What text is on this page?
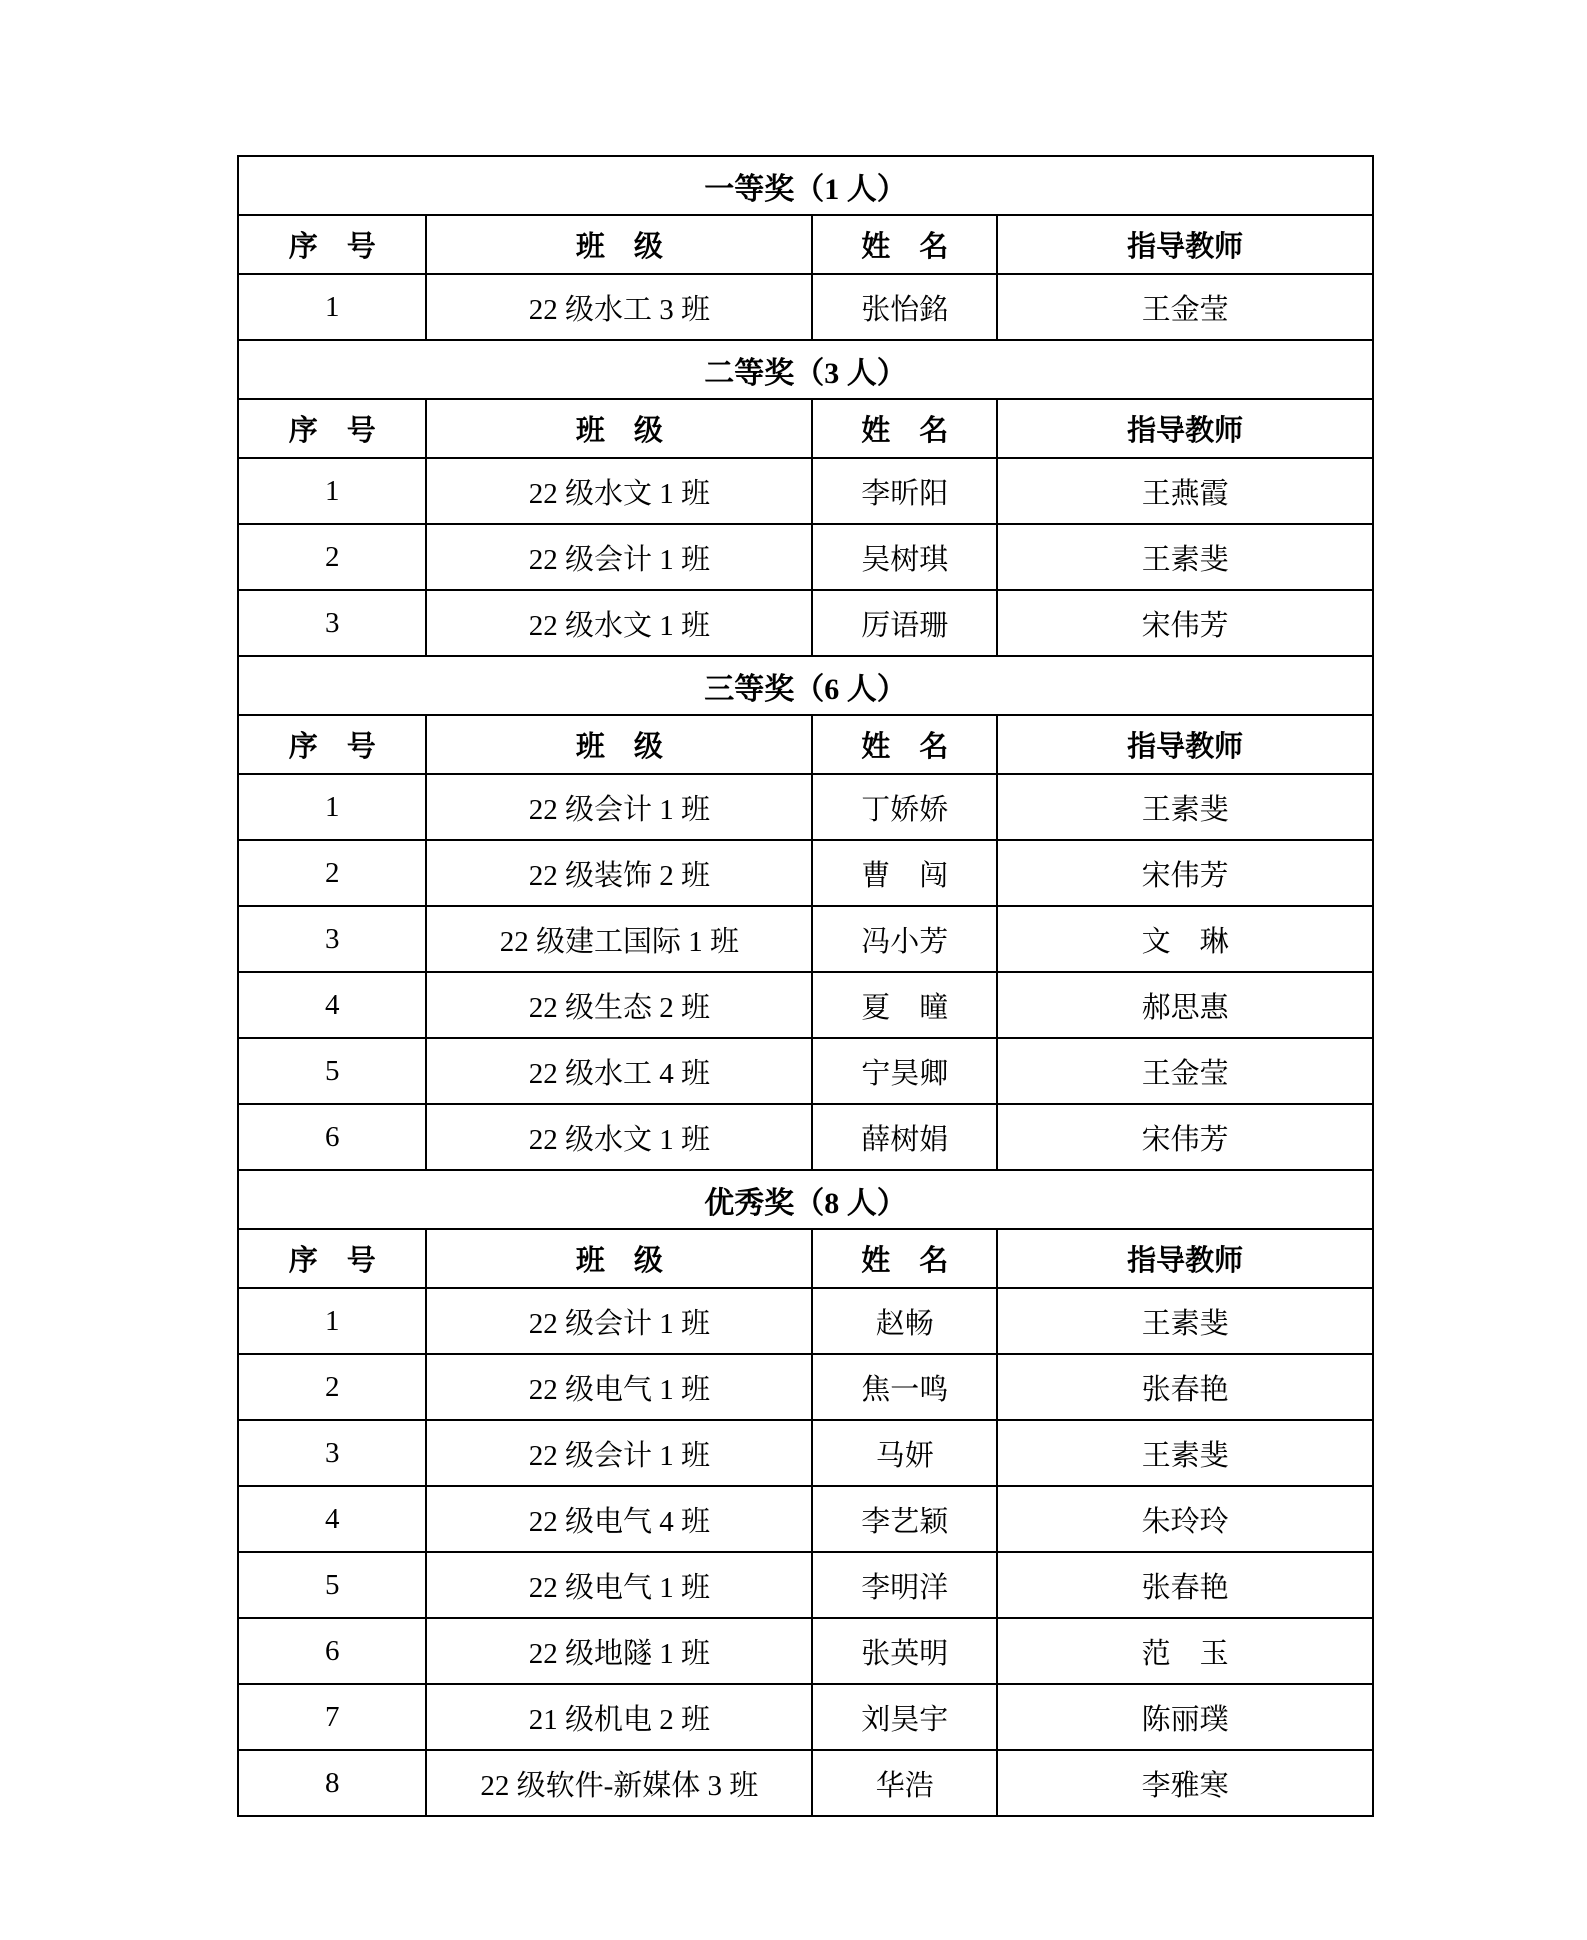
一等奖（1 人）			
序　号	班　级	姓　名	指导教师
1	22 级水工 3 班	张怡銘	王金莹
二等奖（3 人）			
序　号	班　级	姓　名	指导教师
1	22 级水文 1 班	李昕阳	王燕霞
2	22 级会计 1 班	吴树琪	王素斐
3	22 级水文 1 班	厉语珊	宋伟芳
三等奖（6 人）			
序　号	班　级	姓　名	指导教师
1	22 级会计 1 班	丁娇娇	王素斐
2	22 级装饰 2 班	曹　闯	宋伟芳
3	22 级建工国际 1 班	冯小芳	文　琳
4	22 级生态 2 班	夏　曈	郝思惠
5	22 级水工 4 班	宁昊卿	王金莹
6	22 级水文 1 班	薛树娟	宋伟芳
优秀奖（8 人）			
序　号	班　级	姓　名	指导教师
1	22 级会计 1 班	赵畅	王素斐
2	22 级电气 1 班	焦一鸣	张春艳
3	22 级会计 1 班	马妍	王素斐
4	22 级电气 4 班	李艺颖	朱玲玲
5	22 级电气 1 班	李明洋	张春艳
6	22 级地隧 1 班	张英明	范　玉
7	21 级机电 2 班	刘昊宇	陈丽璞
8	22 级软件-新媒体 3 班	华浩	李雅寒
